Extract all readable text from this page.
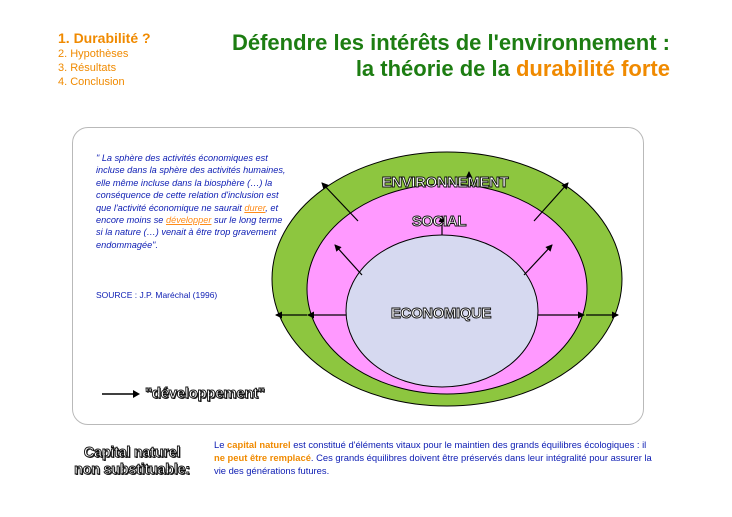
1. Durabilité ?
2. Hypothèses
3. Résultats
4. Conclusion
Défendre les intérêts de l'environnement :
la théorie de la durabilité forte
" La sphère des activités économiques est incluse dans la sphère des activités humaines, elle même incluse dans la biosphère (…) la conséquence de cette relation d'inclusion est que l'activité économique ne saurait durer, et encore moins se développer sur le long terme si la nature (…) venait à être trop gravement endommagée".
SOURCE : J.P. Maréchal (1996)
ENVIRONNEMENT
SOCIAL
ECONOMIQUE
"développement"
Capital naturel
non substituable:
Le capital naturel est constitué d'éléments vitaux pour le maintien des grands équilibres écologiques : il ne peut être remplacé. Ces grands équilibres doivent être préservés dans leur intégralité pour assurer la vie des générations futures.
